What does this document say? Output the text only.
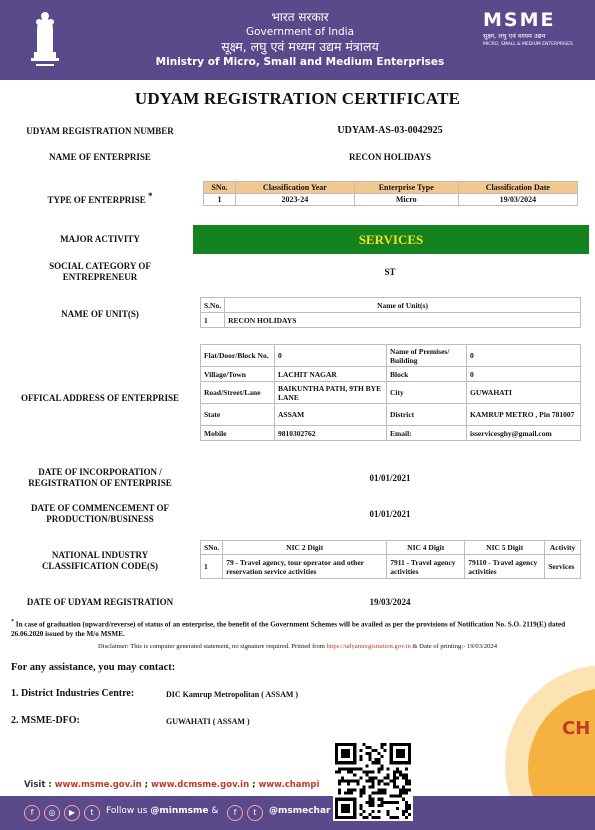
भारत सरकार
Government of India
सूक्ष्म, लघु एवं मध्यम उद्यम मंत्रालय
Ministry of Micro, Small and Medium Enterprises
MSME
सूक्ष्म, लघु एवं मध्यम उद्यम
MICRO, SMALL & MEDIUM ENTERPRISES
UDYAM REGISTRATION CERTIFICATE
UDYAM REGISTRATION NUMBER	UDYAM-AS-03-0042925
NAME OF ENTERPRISE	RECON HOLIDAYS
TYPE OF ENTERPRISE *
SNo.	Classification Year	Enterprise Type	Classification Date
1	2023-24	Micro	19/03/2024
MAJOR ACTIVITY	SERVICES
SOCIAL CATEGORY OF
ENTREPRENEUR	ST
NAME OF UNIT(S)
S.No.	Name of Unit(s)
1	RECON HOLIDAYS
OFFICAL ADDRESS OF ENTERPRISE
Flat/Door/Block No.	0	Name of Premises/ Building	0
Village/Town	LACHIT NAGAR	Block	0
Road/Street/Lane	BAIKUNTHA PATH, 9TH BYE LANE	City	GUWAHATI
State	ASSAM	District	KAMRUP METRO , Pin 781007
Mobile	9810302762	Email:	isservicesghy@gmail.com
DATE OF INCORPORATION /
REGISTRATION OF ENTERPRISE	01/01/2021
DATE OF COMMENCEMENT OF
PRODUCTION/BUSINESS	01/01/2021
NATIONAL INDUSTRY
CLASSIFICATION CODE(S)
SNo.	NIC 2 Digit	NIC 4 Digit	NIC 5 Digit	Activity
1	79 - Travel agency, tour operator and other reservation service activities	7911 - Travel agency activities	79110 - Travel agency activities	Services
DATE OF UDYAM REGISTRATION	19/03/2024
* In case of graduation (upward/reverse) of status of an enterprise, the benefit of the Government Schemes will be availed as per the provisions of Notification No. S.O. 2119(E) dated 26.06.2020 issued by the M/o MSME.
Disclaimer: This is computer generated statement, no signature required. Printed from https://udyamregistration.gov.in & Date of printing:- 19/03/2024
CH
For any assistance, you may contact:
1. District Industries Centre:	DIC Kamrup Metropolitan ( ASSAM )
2. MSME-DFO:	GUWAHATI ( ASSAM )
Visit : www.msme.gov.in ; www.dcmsme.gov.in ; www.champi
f	◎	▶	t	Follow us @minmsme &	f	t	@msmechar
